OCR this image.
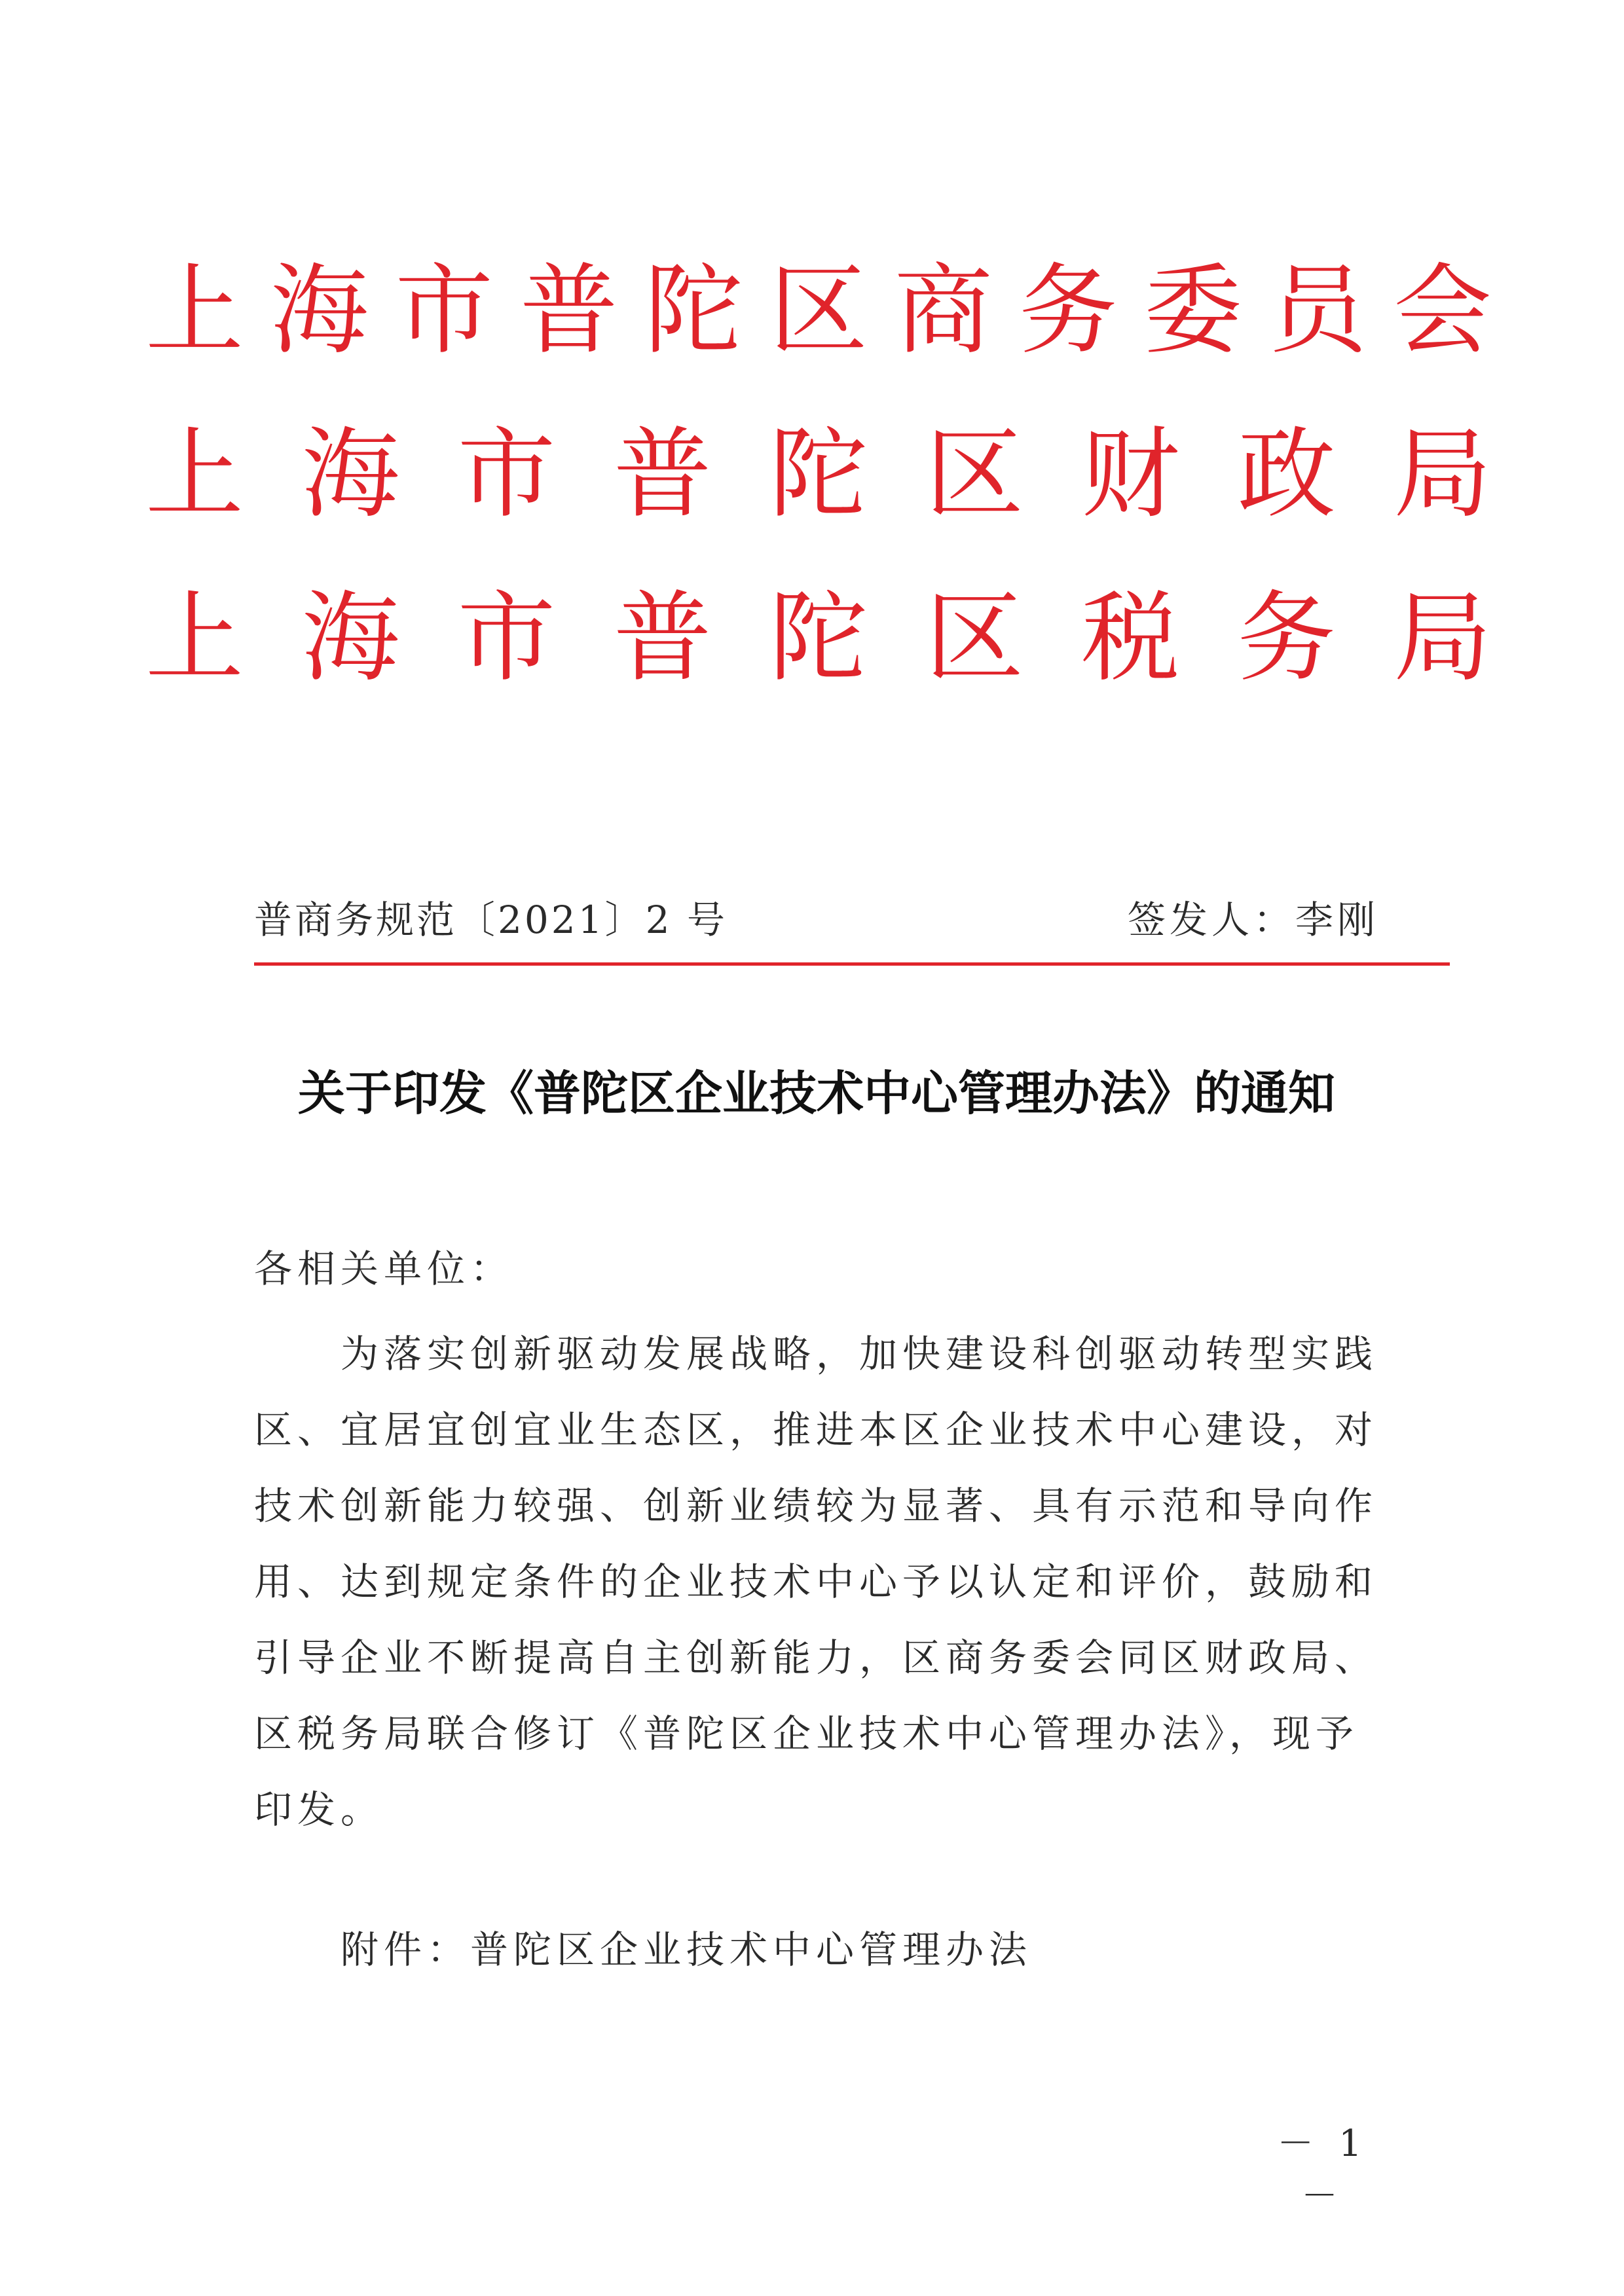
上 海 市 普 陀 区 商 务 委 员 会
上 海 市 普 陀 区 财 政 局
上 海 市 普 陀 区 税 务 局
普商务规范〔2021〕2 号	签发人：李刚
关于印发《普陀区企业技术中心管理办法》的通知
各相关单位：
为落实创新驱动发展战略，加快建设科创驱动转型实践
区、宜居宜创宜业生态区，推进本区企业技术中心建设，对
技术创新能力较强、创新业绩较为显著、具有示范和导向作
用、达到规定条件的企业技术中心予以认定和评价，鼓励和
引导企业不断提高自主创新能力，区商务委会同区财政局、
区税务局联合修订《普陀区企业技术中心管理办法》，现予
印发。
附件：普陀区企业技术中心管理办法
－ 1 －
